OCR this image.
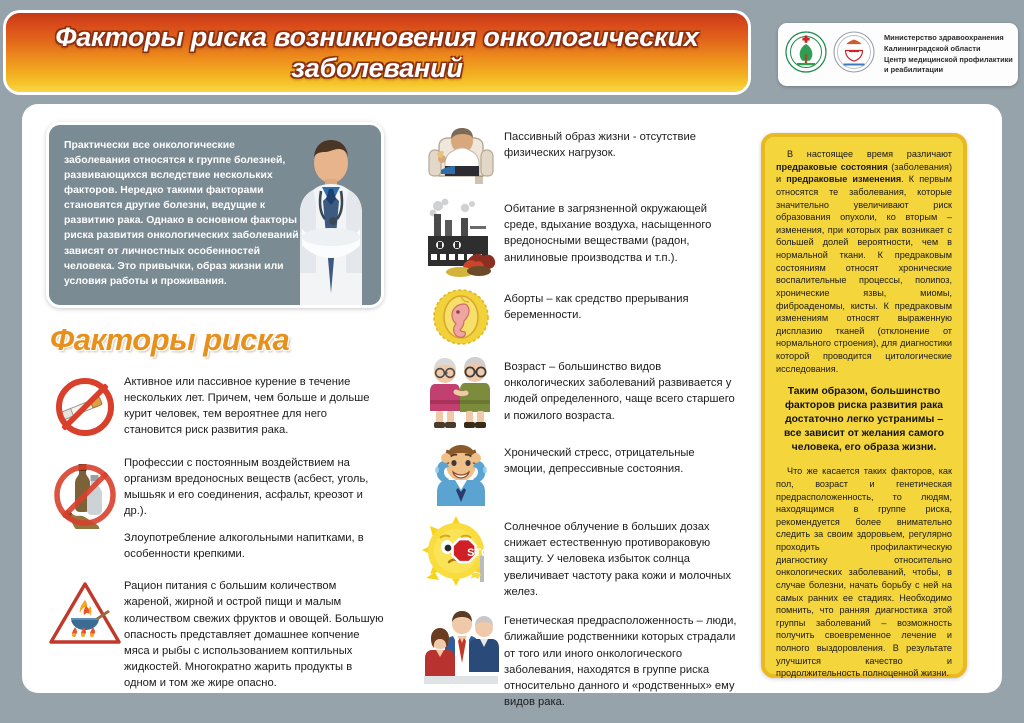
Факторы риска возникновения онкологических заболеваний
Министерство здравоохранения
Калининградской области
Центр медицинской профилактики
и реабилитации
Практически все онкологические заболевания относятся к группе болезней, развивающихся вследствие нескольких факторов. Нередко такими факторами становятся другие болезни, ведущие к развитию рака. Однако в основном факторы риска развития онкологических заболеваний зависят от личностных особенностей человека. Это привычки, образ жизни или условия работы и проживания.
Факторы риска

Активное или пассивное курение в течение нескольких лет. Причем, чем больше и дольше курит человек, тем вероятнее для него становится риск развития рака.

Профессии с постоянным воздействием на организм вредоносных веществ (асбест, уголь, мышьяк и его соединения, асфальт, креозот и др.).

Злоупотребление алкогольными напитками, в особенности крепкими.

Рацион питания с большим количеством жареной, жирной и острой пищи и малым количеством свежих фруктов и овощей. Большую опасность представляет домашнее копчение мяса и рыбы с использованием коптильных жидкостей. Многократно жарить продукты в одном и том же жире опасно.

Пассивный образ жизни - отсутствие физических нагрузок.
Обитание в загрязненной окружающей среде, вдыхание воздуха, насыщенного вредоносными веществами (радон, анилиновые производства и т.п.).
Аборты – как средство прерывания беременности.
Возраст – большинство видов онкологических заболеваний развивается у людей определенного, чаще всего старшего и пожилого возраста.
Хронический стресс, отрицательные эмоции, депрессивные состояния.
STOP
Солнечное облучение в больших дозах снижает естественную противораковую защиту. У человека избыток солнца увеличивает частоту рака кожи и молочных желез.
Генетическая предрасположенность – люди, ближайшие родственники которых страдали от того или иного онкологического заболевания, находятся в группе риска относительно данного и «родственных» ему видов рака.

В настоящее время различают предраковые состояния (заболевания) и предраковые изменения. К первым относятся те заболевания, которые значительно увеличивают риск образования опухоли, ко вторым – изменения, при которых рак возникает с большей долей вероятности, чем в нормальной ткани. К предраковым состояниям относят хронические воспалительные процессы, полипоз, хронические язвы, миомы, фиброаденомы, кисты. К предраковым изменениям относят выраженную дисплазию тканей (отклонение от нормального строения), для диагностики которой проводится цитологические исследования.

Таким образом, большинство факторов риска развития рака достаточно легко устранимы – все зависит от желания самого человека, его образа жизни.

Что же касается таких факторов, как пол, возраст и генетическая предрасположенность, то людям, находящимся в группе риска, рекомендуется более внимательно следить за своим здоровьем, регулярно проходить профилактическую диагностику относительно онкологических заболеваний, чтобы, в случае болезни, начать борьбу с ней на самых ранних ее стадиях. Необходимо помнить, что ранняя диагностика этой группы заболеваний – возможность получить своевременное лечение и полного выздоровления. В результате улучшится качество и продолжительность полноценной жизни.
